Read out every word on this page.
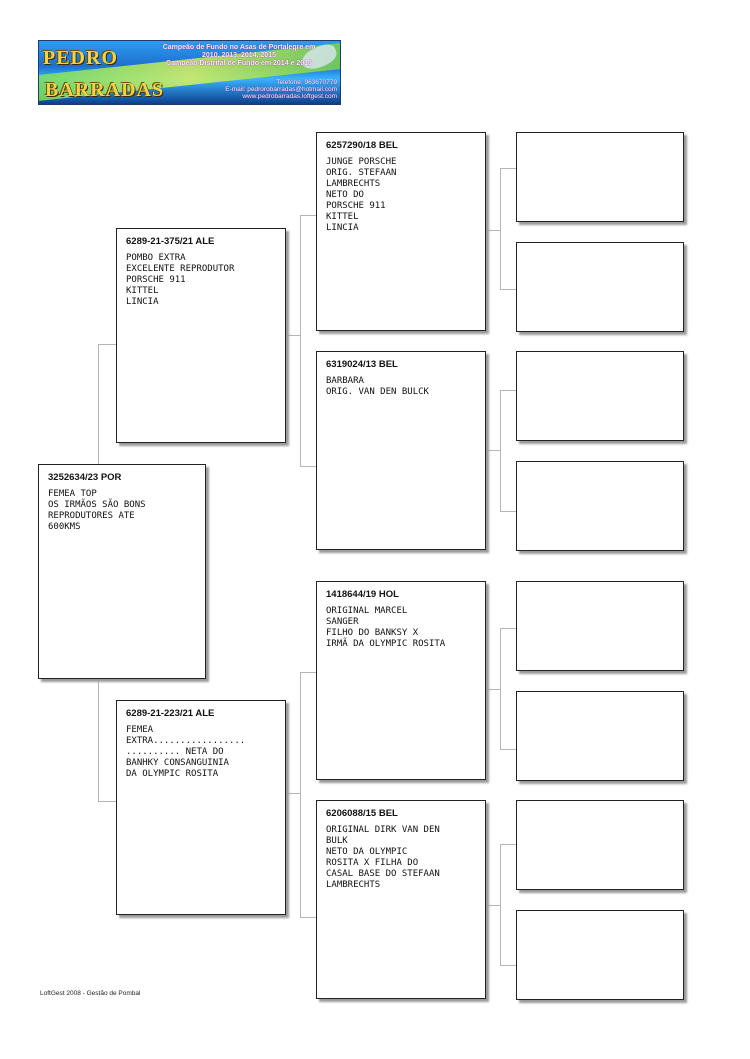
PEDRO
BARRADAS
Campeão de Fundo no Asas de Portalegre em
2010, 2013, 2014, 2015
Campeão Distrital de Fundo em 2014 e 2015
Telefone: 963670779
E-mail: pedrorobarradas@hotmail.com
www.pedrobarradas.loftgest.com
3252634/23 POR
FEMEA TOP
OS IRMÃOS SÃO BONS
REPRODUTORES ATE
600KMS
6289-21-375/21 ALE
POMBO EXTRA
EXCELENTE REPRODUTOR
PORSCHE 911
KITTEL
LINCIA
6289-21-223/21 ALE
FEMEA
EXTRA.................
.......... NETA DO
BANHKY CONSANGUINIA
DA OLYMPIC ROSITA
6257290/18 BEL
JUNGE PORSCHE
ORIG. STEFAAN
LAMBRECHTS
NETO DO
PORSCHE 911
KITTEL
LINCIA
6319024/13 BEL
BARBARA
ORIG. VAN DEN BULCK
1418644/19 HOL
ORIGINAL MARCEL
SANGER
FILHO DO BANKSY X
IRMÃ DA OLYMPIC ROSITA
6206088/15 BEL
ORIGINAL DIRK VAN DEN
BULK
NETO DA OLYMPIC
ROSITA X FILHA DO
CASAL BASE DO STEFAAN
LAMBRECHTS
LoftGest 2008 - Gestão de Pombal
